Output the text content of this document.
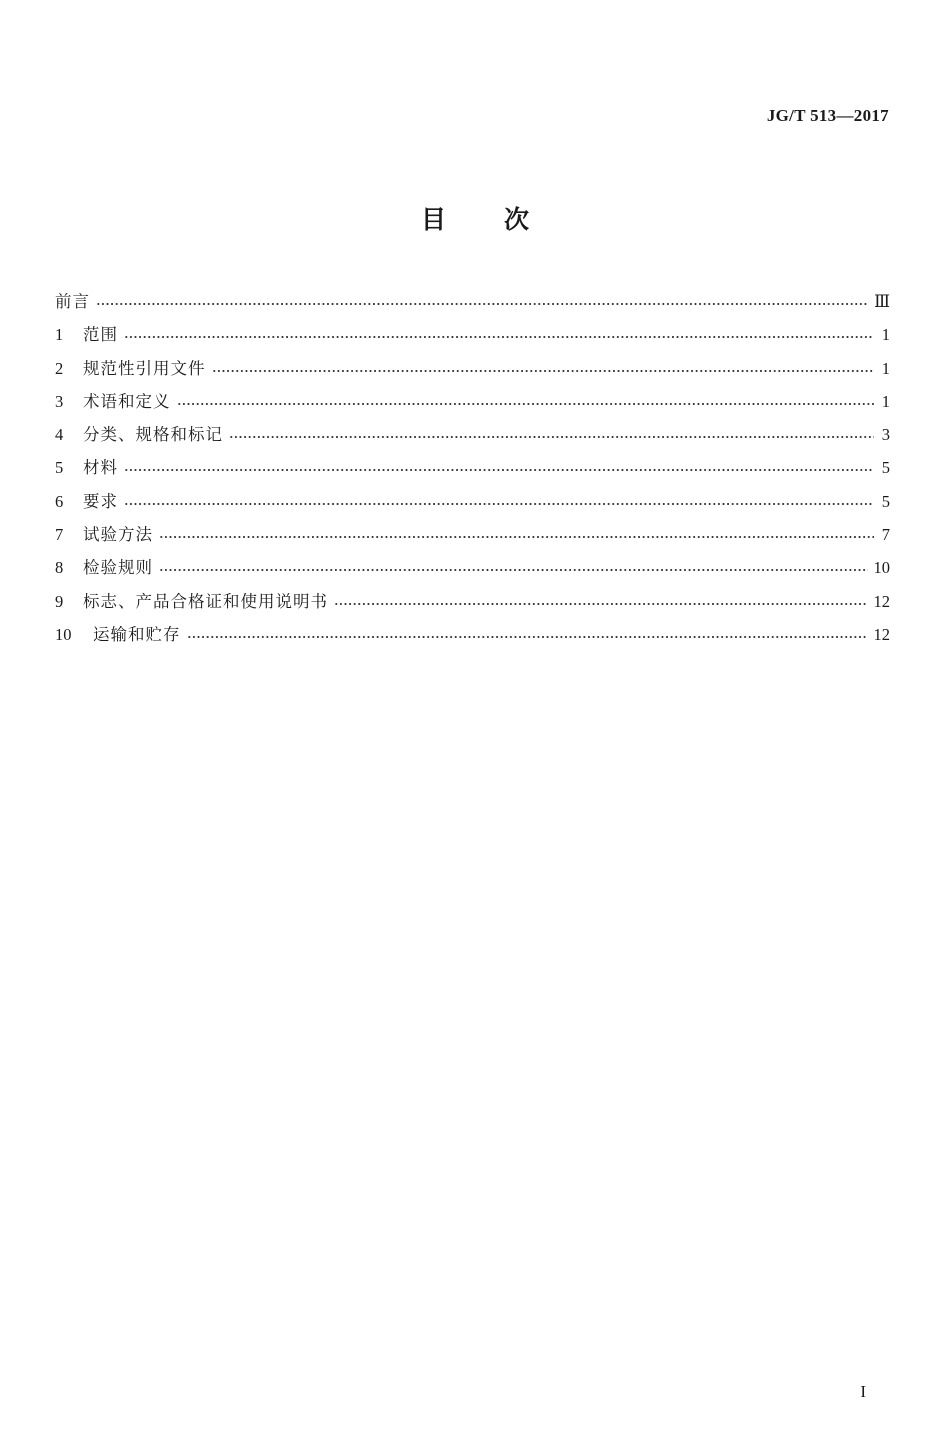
JG/T 513—2017
目 次
前言	Ⅲ
1	范围	1
2	规范性引用文件	1
3	术语和定义	1
4	分类、规格和标记	3
5	材料	5
6	要求	5
7	试验方法	7
8	检验规则	10
9	标志、产品合格证和使用说明书	12
10	运输和贮存	12
I
